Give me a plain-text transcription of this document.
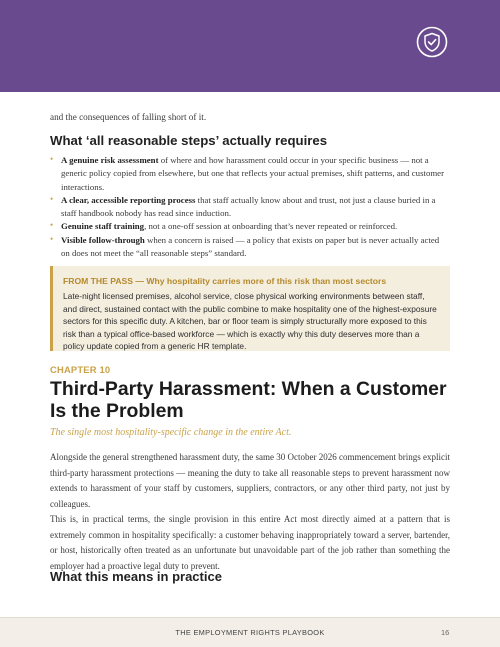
and the consequences of falling short of it.

What ‘all reasonable steps’ actually requires
• A genuine risk assessment of where and how harassment could occur in your specific business — not a generic policy copied from elsewhere, but one that reflects your actual premises, shift patterns, and customer interactions.
• A clear, accessible reporting process that staff actually know about and trust, not just a clause buried in a staff handbook nobody has read since induction.
• Genuine staff training, not a one-off session at onboarding that’s never repeated or reinforced.
• Visible follow-through when a concern is raised — a policy that exists on paper but is never actually acted on does not meet the “all reasonable steps” standard.
FROM THE PASS — Why hospitality carries more of this risk than most sectors
Late-night licensed premises, alcohol service, close physical working environments between staff, and direct, sustained contact with the public combine to make hospitality one of the highest-exposure sectors for this specific duty. A kitchen, bar or floor team is simply structurally more exposed to this risk than a typical office-based workforce — which is exactly why this duty deserves more than a policy update copied from a generic HR template.
CHAPTER 10
Third-Party Harassment: When a Customer Is the Problem
The single most hospitality-specific change in the entire Act.

Alongside the general strengthened harassment duty, the same 30 October 2026 commencement brings explicit third-party harassment protections — meaning the duty to take all reasonable steps to prevent harassment now extends to harassment of your staff by customers, suppliers, contractors, or any other third party, not just by colleagues.

This is, in practical terms, the single provision in this entire Act most directly aimed at a pattern that is extremely common in hospitality specifically: a customer behaving inappropriately toward a server, bartender, or host, historically often treated as an unfortunate but unavoidable part of the job rather than something the employer had a proactive legal duty to prevent.

What this means in practice
THE EMPLOYMENT RIGHTS PLAYBOOK	16
